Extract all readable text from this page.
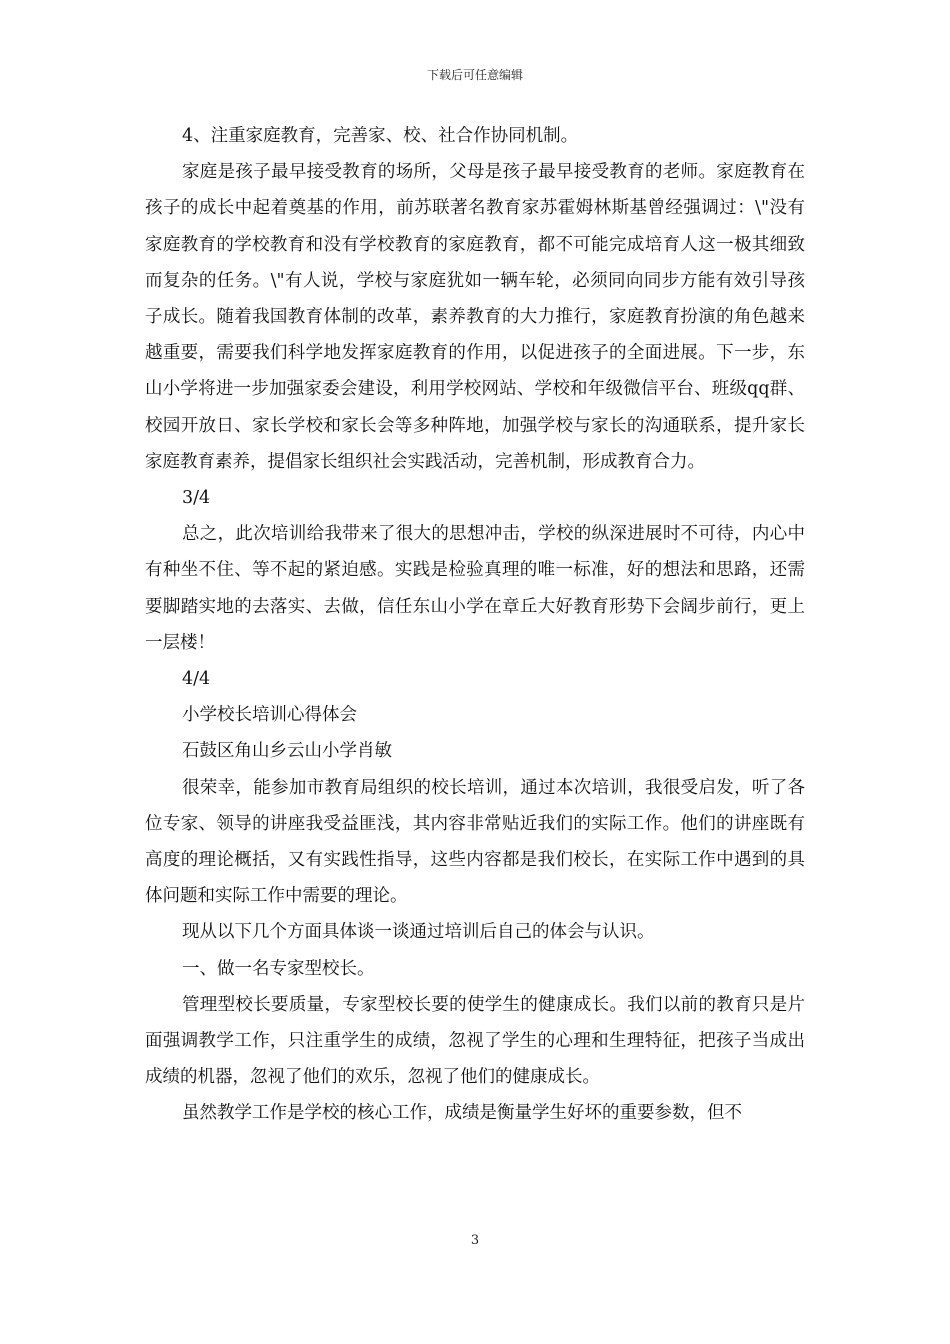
下载后可任意编辑

4、注重家庭教育，完善家、校、社合作协同机制。

家庭是孩子最早接受教育的场所，父母是孩子最早接受教育的老师。家庭教育在孩子的成长中起着奠基的作用，前苏联著名教育家苏霍姆林斯基曾经强调过：\"没有家庭教育的学校教育和没有学校教育的家庭教育，都不可能完成培育人这一极其细致而复杂的任务。\"有人说，学校与家庭犹如一辆车轮，必须同向同步方能有效引导孩子成长。随着我国教育体制的改革，素养教育的大力推行，家庭教育扮演的角色越来越重要，需要我们科学地发挥家庭教育的作用，以促进孩子的全面进展。下一步，东山小学将进一步加强家委会建设，利用学校网站、学校和年级微信平台、班级qq群、校园开放日、家长学校和家长会等多种阵地，加强学校与家长的沟通联系，提升家长家庭教育素养，提倡家长组织社会实践活动，完善机制，形成教育合力。

3/4

总之，此次培训给我带来了很大的思想冲击，学校的纵深进展时不可待，内心中有种坐不住、等不起的紧迫感。实践是检验真理的唯一标准，好的想法和思路，还需要脚踏实地的去落实、去做，信任东山小学在章丘大好教育形势下会阔步前行，更上一层楼！

4/4

小学校长培训心得体会

石鼓区角山乡云山小学肖敏

很荣幸，能参加市教育局组织的校长培训，通过本次培训，我很受启发，听了各位专家、领导的讲座我受益匪浅，其内容非常贴近我们的实际工作。他们的讲座既有高度的理论概括，又有实践性指导，这些内容都是我们校长，在实际工作中遇到的具体问题和实际工作中需要的理论。

现从以下几个方面具体谈一谈通过培训后自己的体会与认识。

一、做一名专家型校长。

管理型校长要质量，专家型校长要的使学生的健康成长。我们以前的教育只是片面强调教学工作，只注重学生的成绩，忽视了学生的心理和生理特征，把孩子当成出成绩的机器，忽视了他们的欢乐，忽视了他们的健康成长。

虽然教学工作是学校的核心工作，成绩是衡量学生好坏的重要参数，但不

3
